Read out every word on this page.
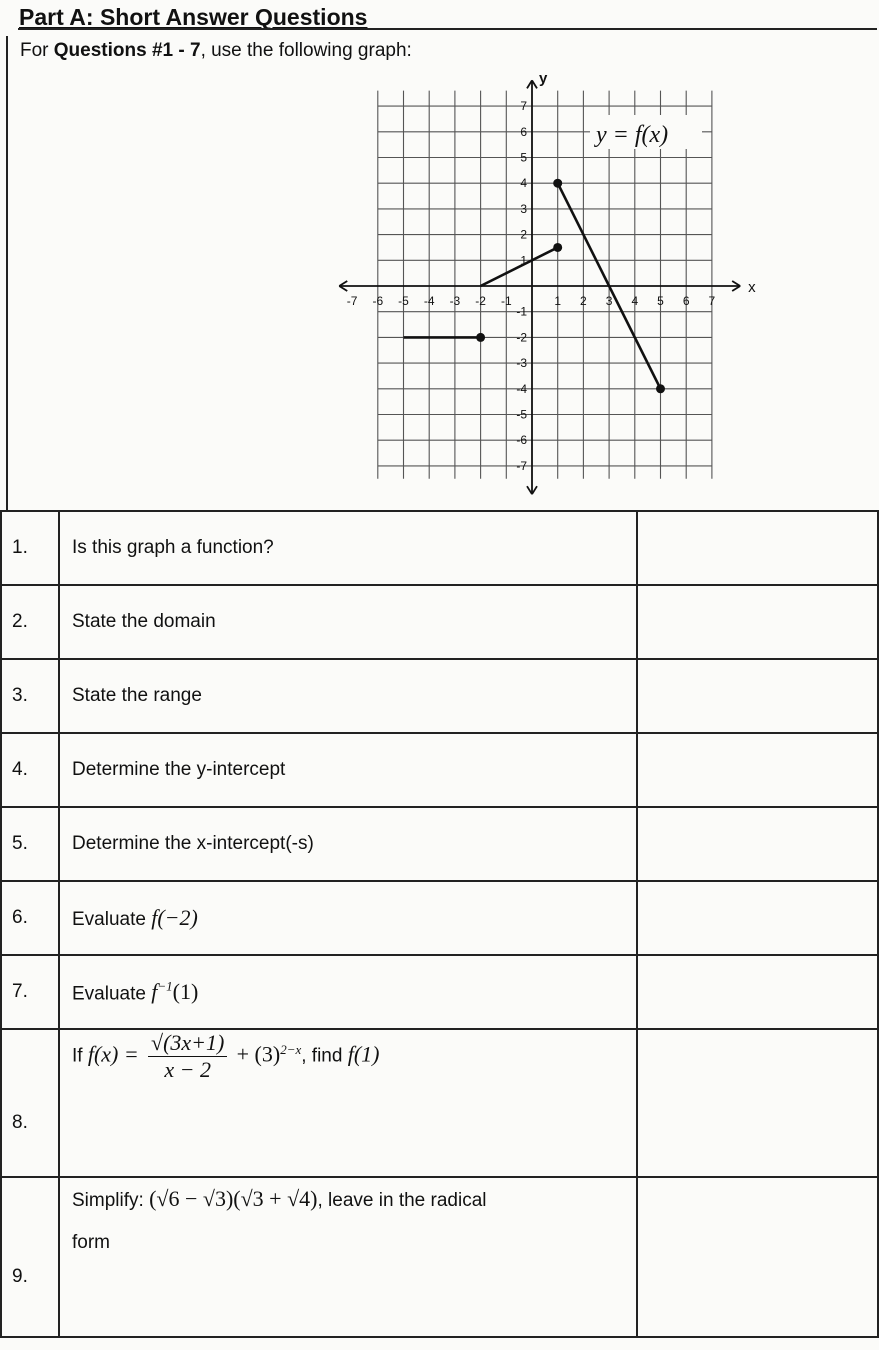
Part A: Short Answer Questions
For Questions #1 - 7, use the following graph:
x
y
-7 -6 -5 -4 -3 -2 -1	1 2 3 4 5 6 7
7
6
5
4
3
2
1
-1
-2
-3
-4
-5
-6
-7
y = f(x)
1.	Is this graph a function?	
2.	State the domain	
3.	State the range	
4.	Determine the y-intercept	
5.	Determine the x-intercept(-s)	
6.	Evaluate f(−2)	
7.	Evaluate $f^{-1}(1)$	
8.	If $f(x) = \frac{√(3x+1)}{x - 2} + (3)^{2-x}$, find f(1)	
9.	Simplify: (√6 − √3)(√3 + √4), leave in the radical
form	
